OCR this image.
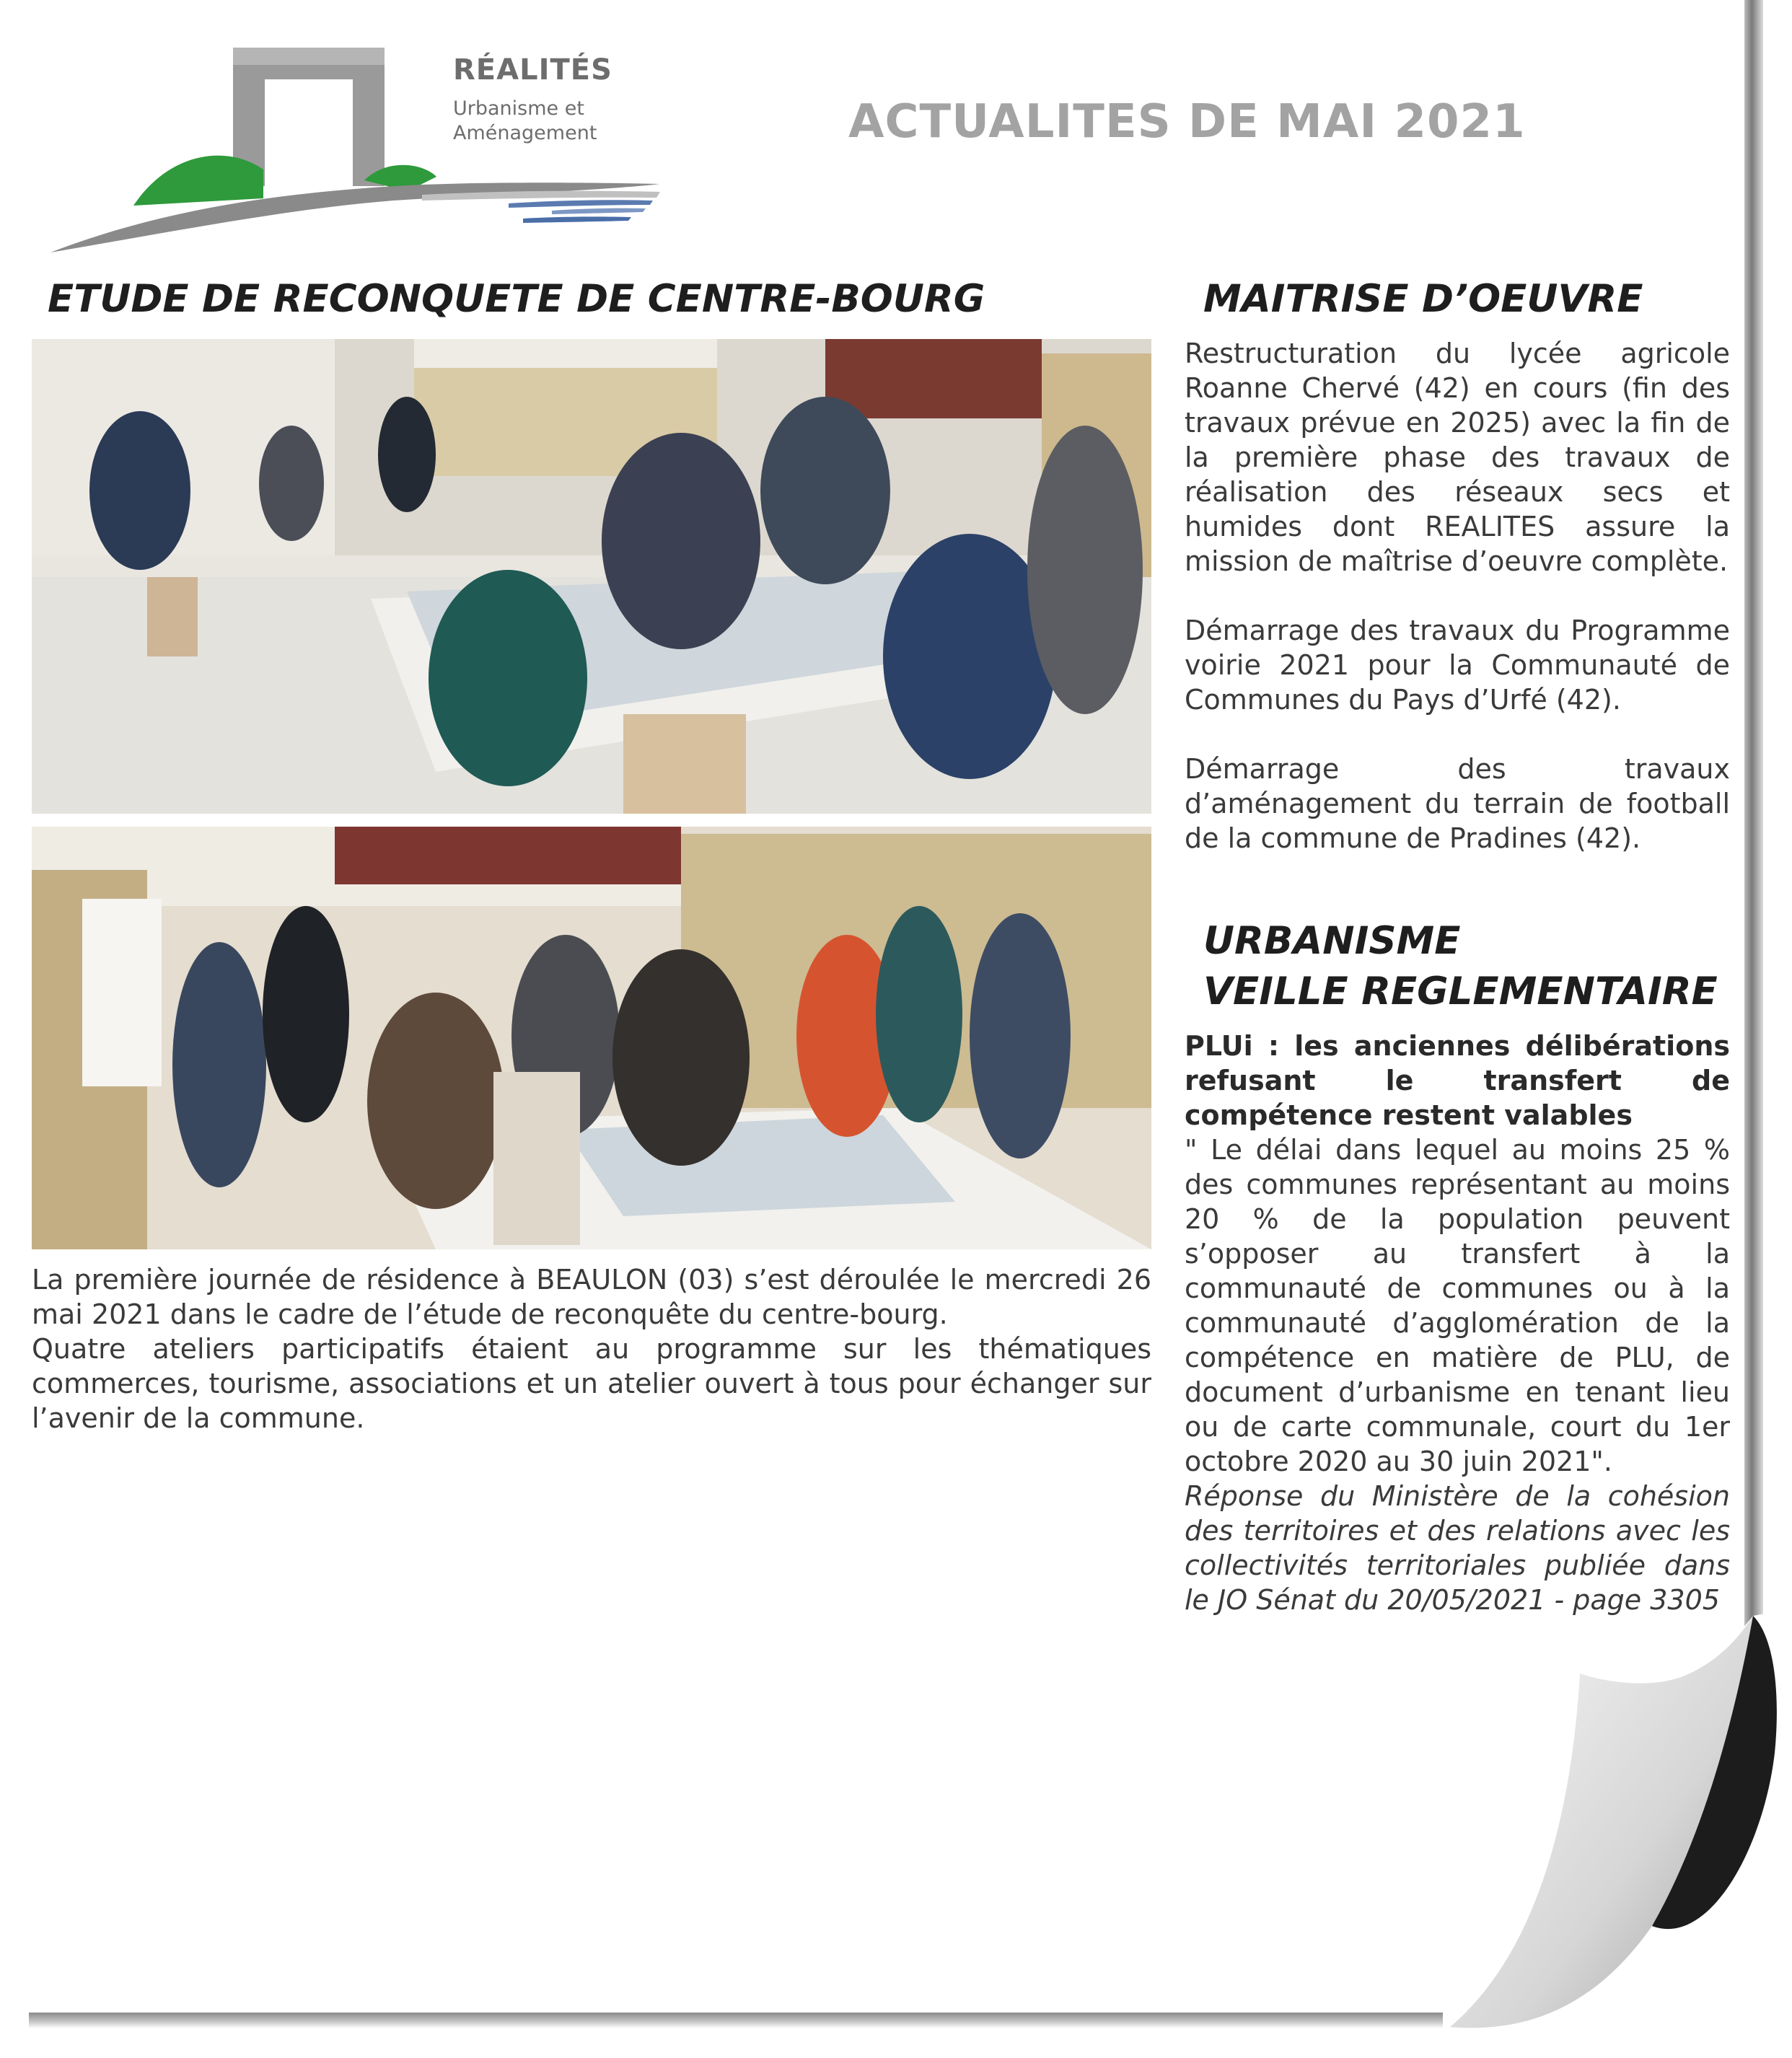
RÉALITÉS
Urbanisme et
Aménagement	ACTUALITES DE MAI 2021
ETUDE DE RECONQUETE DE CENTRE-BOURG

La première journée de résidence à BEAULON (03) s’est déroulée le mercredi 26 mai 2021 dans le cadre de l’étude de reconquête du centre-bourg.

Quatre ateliers participatifs étaient au programme sur les thématiques commerces, tourisme, associations et un atelier ouvert à tous pour échanger sur l’avenir de la commune.

MAITRISE D’OEUVRE

Restructuration du lycée agricole Roanne Chervé (42) en cours (fin des travaux prévue en 2025) avec la fin de la première phase des travaux de réalisation des réseaux secs et humides dont REALITES assure la mission de maîtrise d’oeuvre complète.

Démarrage des travaux du Programme voirie 2021 pour la Communauté de Communes du Pays d’Urfé (42).

Démarrage des travaux d’aménagement du terrain de football de la commune de Pradines (42).

URBANISME
VEILLE REGLEMENTAIRE

PLUi : les anciennes délibérations refusant le transfert de compétence restent valables

" Le délai dans lequel au moins 25 % des communes représentant au moins 20 % de la population peuvent s’opposer au transfert à la communauté de communes ou à la communauté d’agglomération de la compétence en matière de PLU, de document d’urbanisme en tenant lieu ou de carte communale, court du 1er octobre 2020 au 30 juin 2021".

Réponse du Ministère de la cohésion des territoires et des relations avec les collectivités territoriales publiée dans le JO Sénat du 20/05/2021 - page 3305
